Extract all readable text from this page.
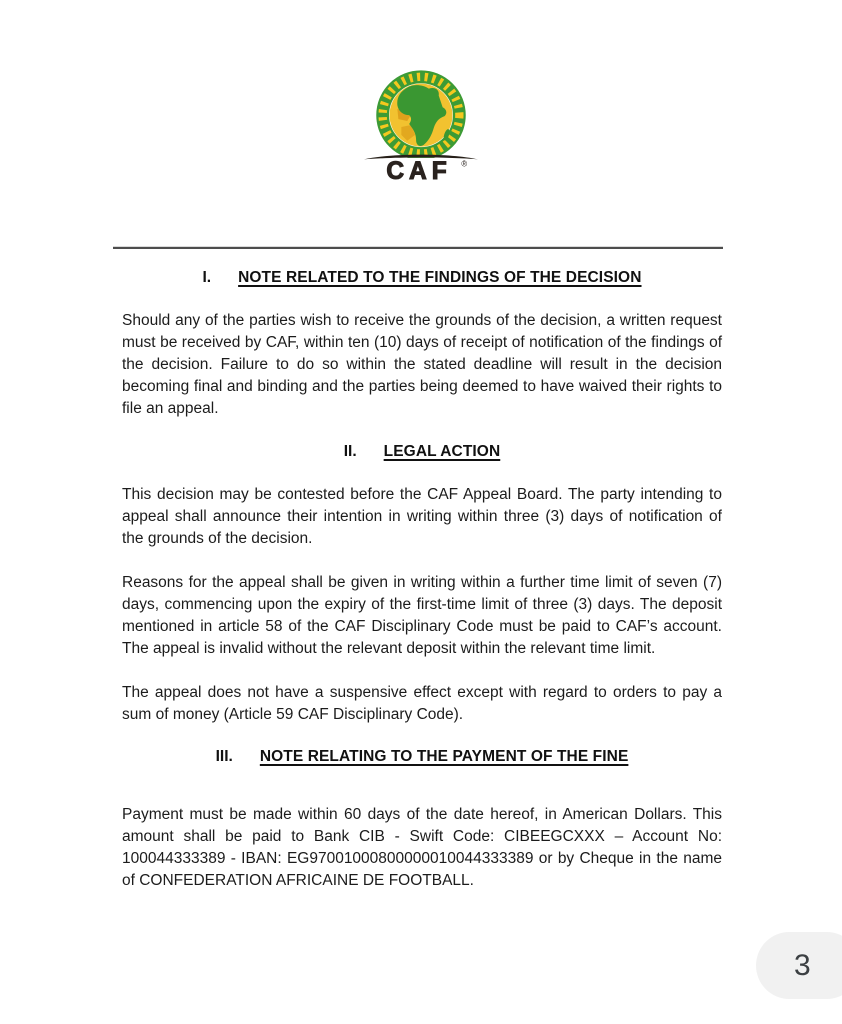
CAF ®
I. NOTE RELATED TO THE FINDINGS OF THE DECISION

Should any of the parties wish to receive the grounds of the decision, a written request must be received by CAF, within ten (10) days of receipt of notification of the findings of the decision. Failure to do so within the stated deadline will result in the decision becoming final and binding and the parties being deemed to have waived their rights to file an appeal.

II. LEGAL ACTION

This decision may be contested before the CAF Appeal Board. The party intending to appeal shall announce their intention in writing within three (3) days of notification of the grounds of the decision.

Reasons for the appeal shall be given in writing within a further time limit of seven (7) days, commencing upon the expiry of the first-time limit of three (3) days. The deposit mentioned in article 58 of the CAF Disciplinary Code must be paid to CAF’s account. The appeal is invalid without the relevant deposit within the relevant time limit.

The appeal does not have a suspensive effect except with regard to orders to pay a sum of money (Article 59 CAF Disciplinary Code).

III. NOTE RELATING TO THE PAYMENT OF THE FINE

Payment must be made within 60 days of the date hereof, in American Dollars. This amount shall be paid to Bank CIB - Swift Code: CIBEEGCXXX – Account No: 100044333389 - IBAN: EG97001000800000010044333389 or by Cheque in the name of CONFEDERATION AFRICAINE DE FOOTBALL.

3
